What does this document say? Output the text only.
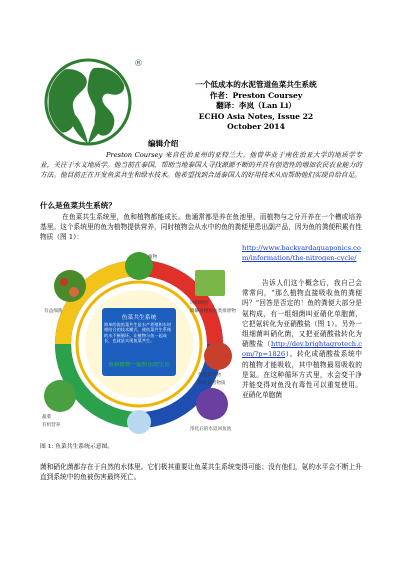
®
一个低成本的水泥管道鱼菜共生系统
作者：Preston Coursey
翻译：李岚（Lan Li）
ECHO Asia Notes, Issue 22
October 2014
编辑介绍
Preston Coursey 来自佐治亚州的亚特兰大。他曾毕业于南佐治亚大学的地质学专业，关注于水文地质学。他当前在泰国，帮助当地泰国人寻找源源不断的并具有创造性的增加农民农业能力的方法。他目前正在开发鱼菜共生和绿水技术。他希望找到合适泰国人的好用技术从而帮助他们实现自给自足。
什么是鱼菜共生系统？
在鱼菜共生系统里，鱼和植物都能成长。鱼通常都是养在鱼池里，而植物与之分开养在一个槽或培养基里。这个系统里的鱼为植物提供营养，同时植物会从水中的鱼的粪便里患出副产品，因为鱼的粪便积累有性物质（图 1）：
鱼菜共生系统
简单的说鱼菜共生是水产养殖和水培相结合的技术模式，使鱼菜共生系统的水不断循环。让植物与鱼一起成长，也就是实现鱼菜共生。
鱼和植物一起快乐的生长
有益细菌
植物
饲料喂鱼
降解食物和鱼类排泄物
鱼类排泄物
转化有害物质
净化后的水返回鱼池
蔬菜
有机营养
图 1: 鱼菜共生系统示意图。
http://www.backyardaquaponics.com/information/the-nitrogen-cycle/
告诉人们这个概念后，我自己会常常问，“那么植物直接吸收鱼的粪便吗？”回答是否定的！鱼的粪便大部分是氨构成，有一组细菌叫亚硝化单胞菌，它把氨转化为亚硝酸盐（图 1）。另外一组细菌叫硝化菌，又把亚硝酸盐转化为硝酸盐（http://dev.brightagrotech.com/?p=1826）。转化成硝酸盐系统中的植物才能吸收，其中植物最易吸收的是氮。在这种循环方式里，水会变干净并能变得对鱼没有毒性可以重复使用。亚硝化单胞菌
菌和硝化菌都存在于自然的水体里。它们极其重要让鱼菜共生系统变得可能；没有他们，氨的水平会不断上升直到系统中的鱼被伤害最终死亡。
